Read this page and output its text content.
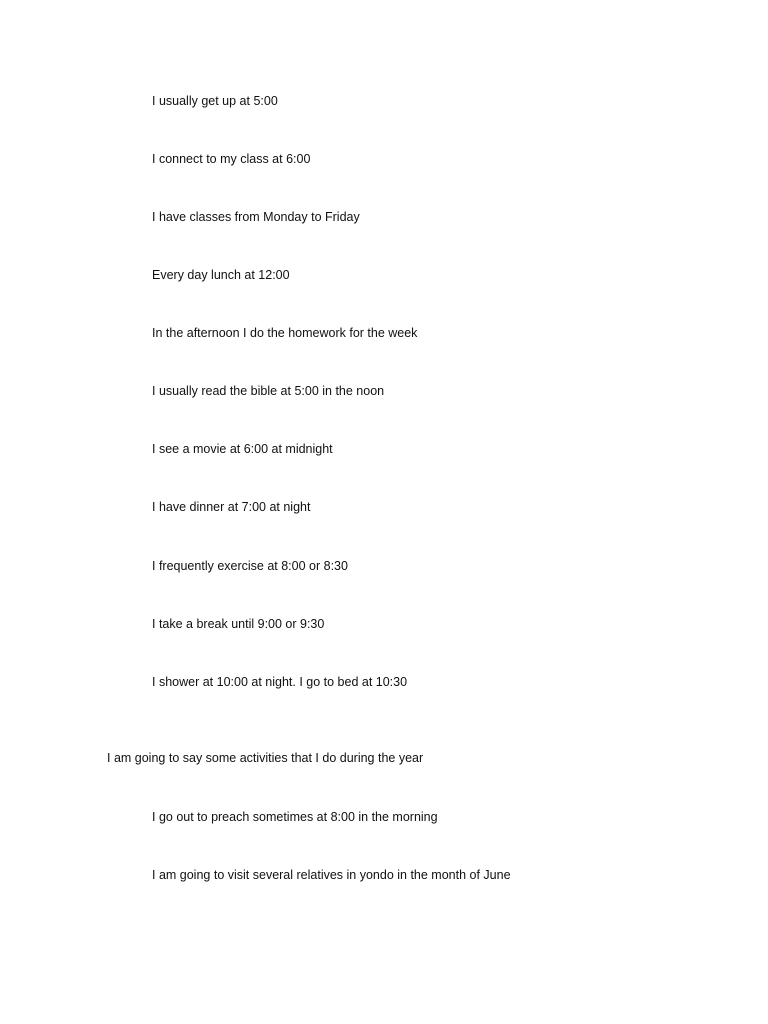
I usually get up at 5:00
I connect to my class at 6:00
I have classes from Monday to Friday
Every day lunch at 12:00
In the afternoon I do the homework for the week
I usually read the bible at 5:00 in the noon
I see a movie at 6:00 at midnight
I have dinner at 7:00 at night
I frequently exercise at 8:00 or 8:30
I take a break until 9:00 or 9:30
I shower at 10:00 at night. I go to bed at 10:30
I am going to say some activities that I do during the year
I go out to preach sometimes at 8:00 in the morning
I am going to visit several relatives in yondo in the month of June
